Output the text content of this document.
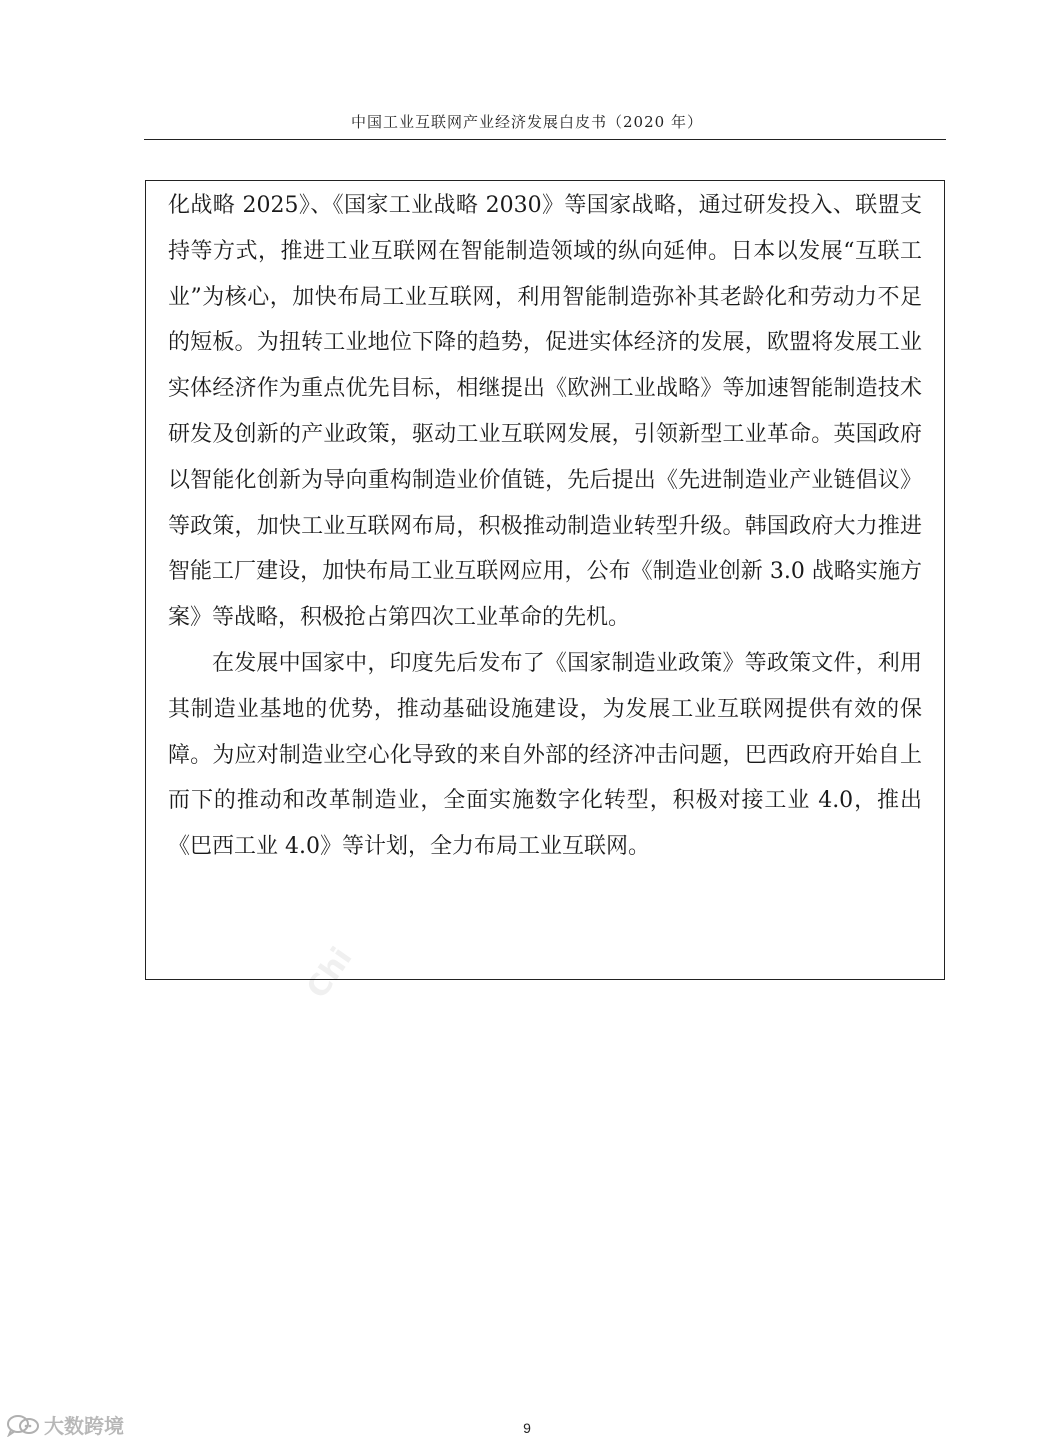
中国工业互联网产业经济发展白皮书（2020 年）

化战略 2025》、《国家工业战略 2030》等国家战略，通过研发投入、联盟支持等方式，推进工业互联网在智能制造领域的纵向延伸。日本以发展“互联工业”为核心，加快布局工业互联网，利用智能制造弥补其老龄化和劳动力不足的短板。为扭转工业地位下降的趋势，促进实体经济的发展，欧盟将发展工业实体经济作为重点优先目标，相继提出《欧洲工业战略》等加速智能制造技术研发及创新的产业政策，驱动工业互联网发展，引领新型工业革命。英国政府以智能化创新为导向重构制造业价值链，先后提出《先进制造业产业链倡议》等政策，加快工业互联网布局，积极推动制造业转型升级。韩国政府大力推进智能工厂建设，加快布局工业互联网应用，公布《制造业创新 3.0 战略实施方案》等战略，积极抢占第四次工业革命的先机。

在发展中国家中，印度先后发布了《国家制造业政策》等政策文件，利用其制造业基地的优势，推动基础设施建设，为发展工业互联网提供有效的保障。为应对制造业空心化导致的来自外部的经济冲击问题，巴西政府开始自上而下的推动和改革制造业，全面实施数字化转型，积极对接工业 4.0，推出《巴西工业 4.0》等计划，全力布局工业互联网。

Chi
9
大数跨境
